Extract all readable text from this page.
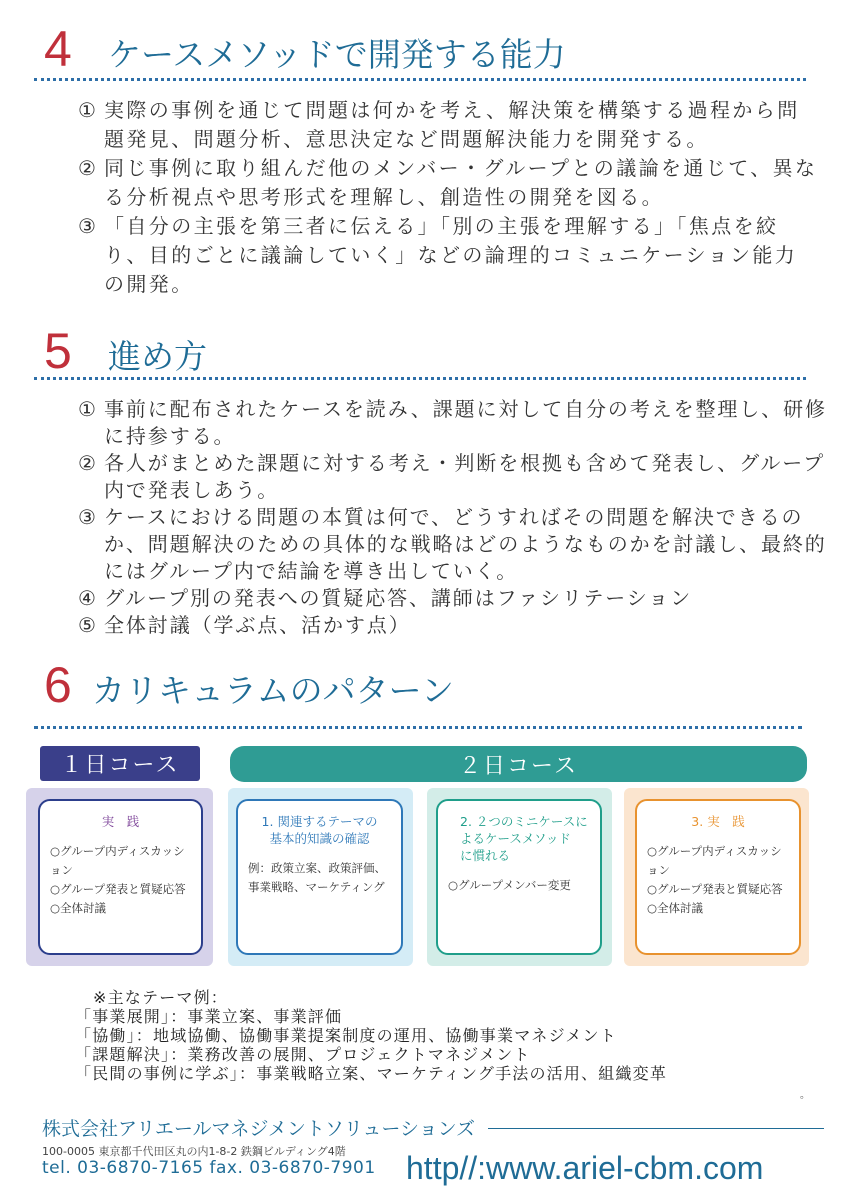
4	ケースメソッドで開発する能力
① 実際の事例を通じて問題は何かを考え、解決策を構築する過程から問題発見、問題分析、意思決定など問題解決能力を開発する。
② 同じ事例に取り組んだ他のメンバー・グループとの議論を通じて、異なる分析視点や思考形式を理解し、創造性の開発を図る。
③ 「自分の主張を第三者に伝える」「別の主張を理解する」「焦点を絞り、目的ごとに議論していく」などの論理的コミュニケーション能力の開発。
5	進め方
① 事前に配布されたケースを読み、課題に対して自分の考えを整理し、研修に持参する。
② 各人がまとめた課題に対する考え・判断を根拠も含めて発表し、グループ内で発表しあう。
③ ケースにおける問題の本質は何で、どうすればその問題を解決できるのか、問題解決のための具体的な戦略はどのようなものかを討議し、最終的にはグループ内で結論を導き出していく。
④ グループ別の発表への質疑応答、講師はファシリテーション
⑤ 全体討議（学ぶ点、活かす点）
6 カリキュラムのパターン
１日コース	２日コース
実　践
○グループ内ディスカッション
○グループ発表と質疑応答
○全体討議
1. 関連するテーマの
基本的知識の確認
例：政策立案、政策評価、
事業戦略、マーケティング
2. ２つのミニケースに
よるケースメソッド
に慣れる
○グループメンバー変更
3. 実　践
○グループ内ディスカッション
○グループ発表と質疑応答
○全体討議
※主なテーマ例：
「事業展開」：事業立案、事業評価
「協働」：地域協働、協働事業提案制度の運用、協働事業マネジメント
「課題解決」：業務改善の展開、プロジェクトマネジメント
「民間の事例に学ぶ」：事業戦略立案、マーケティング手法の活用、組織変革
。
株式会社アリエールマネジメントソリューションズ
100-0005 東京都千代田区丸の内1-8-2 鉄鋼ビルディング4階
tel. 03-6870-7165 fax. 03-6870-7901 http//:www.ariel-cbm.com
